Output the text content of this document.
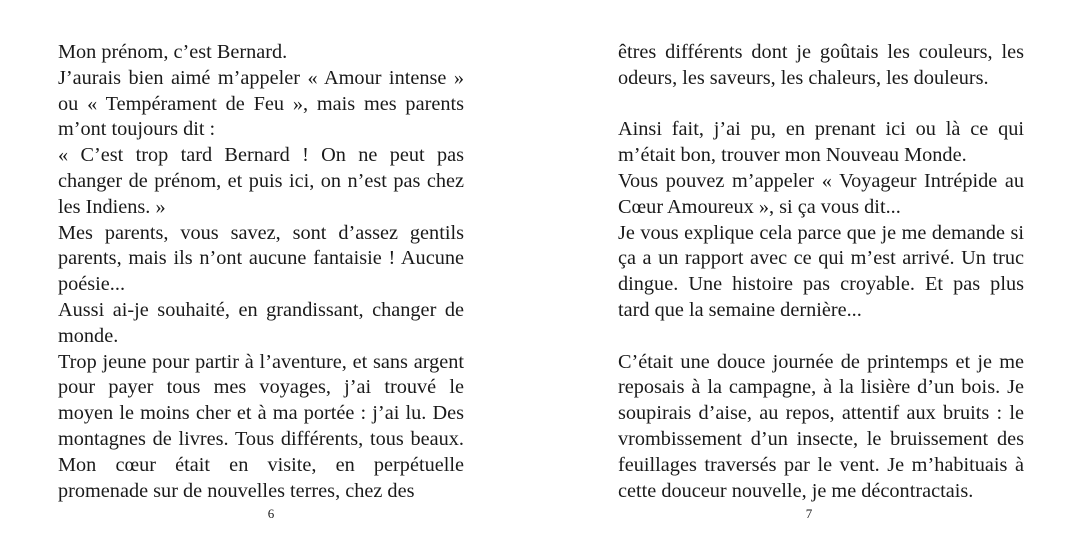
Mon prénom, c’est Bernard.

J’aurais bien aimé m’appeler « Amour intense » ou « Tempérament de Feu », mais mes parents m’ont toujours dit :

« C’est trop tard Bernard ! On ne peut pas changer de prénom, et puis ici, on n’est pas chez les Indiens. »

Mes parents, vous savez, sont d’assez gentils parents, mais ils n’ont aucune fantaisie ! Aucune poésie...

Aussi ai-je souhaité, en grandissant, changer de monde.

Trop jeune pour partir à l’aventure, et sans argent pour payer tous mes voyages, j’ai trouvé le moyen le moins cher et à ma portée : j’ai lu. Des montagnes de livres. Tous différents, tous beaux. Mon cœur était en visite, en perpétuelle promenade sur de nouvelles terres, chez des

6

êtres différents dont je goûtais les couleurs, les odeurs, les saveurs, les chaleurs, les douleurs.

Ainsi fait, j’ai pu, en prenant ici ou là ce qui m’était bon, trouver mon Nouveau Monde.

Vous pouvez m’appeler « Voyageur Intrépide au Cœur Amoureux », si ça vous dit...

Je vous explique cela parce que je me demande si ça a un rapport avec ce qui m’est arrivé. Un truc dingue. Une histoire pas croyable. Et pas plus tard que la semaine dernière...

C’était une douce journée de printemps et je me reposais à la campagne, à la lisière d’un bois. Je soupirais d’aise, au repos, attentif aux bruits : le vrombissement d’un insecte, le bruissement des feuillages traversés par le vent. Je m’habituais à cette douceur nouvelle, je me décontractais.

7
